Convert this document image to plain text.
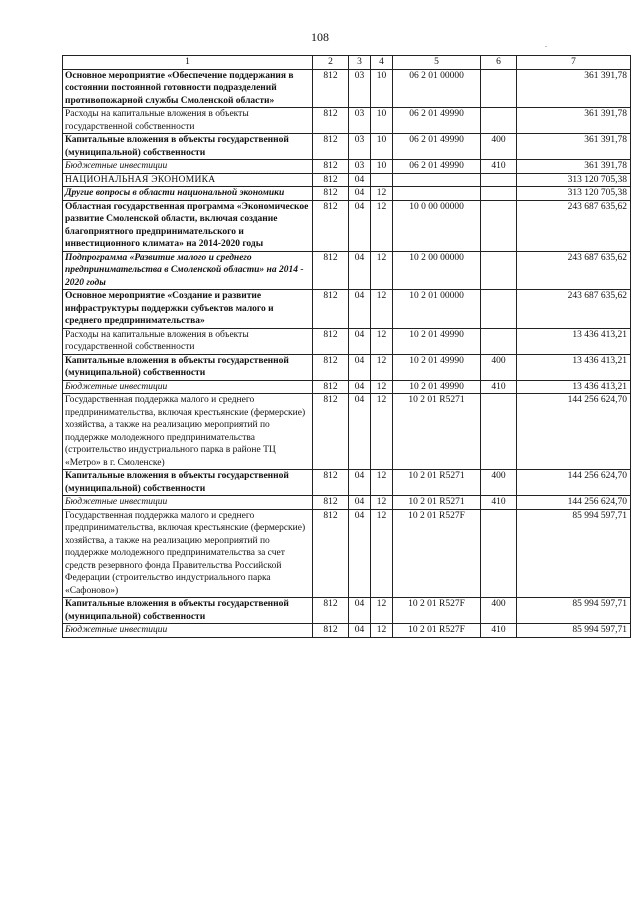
108
.
1	2	3	4	5	6	7
Основное мероприятие «Обеспечение поддержания в состоянии постоянной готовности подразделений противопожарной службы Смоленской области»	812	03	10	06 2 01 00000		361 391,78
Расходы на капитальные вложения в объекты государственной собственности	812	03	10	06 2 01 49990		361 391,78
Капитальные вложения в объекты государственной (муниципальной) собственности	812	03	10	06 2 01 49990	400	361 391,78
Бюджетные инвестиции	812	03	10	06 2 01 49990	410	361 391,78
НАЦИОНАЛЬНАЯ ЭКОНОМИКА	812	04				313 120 705,38
Другие вопросы в области национальной экономики	812	04	12			313 120 705,38
Областная государственная программа «Экономическое развитие Смоленской области, включая создание благоприятного предпринимательского и инвестиционного климата» на 2014-2020 годы	812	04	12	10 0 00 00000		243 687 635,62
Подпрограмма «Развитие малого и среднего предпринимательства в Смоленской области» на 2014 - 2020 годы	812	04	12	10 2 00 00000		243 687 635,62
Основное мероприятие «Создание и развитие инфраструктуры поддержки субъектов малого и среднего предпринимательства»	812	04	12	10 2 01 00000		243 687 635,62
Расходы на капитальные вложения в объекты государственной собственности	812	04	12	10 2 01 49990		13 436 413,21
Капитальные вложения в объекты государственной (муниципальной) собственности	812	04	12	10 2 01 49990	400	13 436 413,21
Бюджетные инвестиции	812	04	12	10 2 01 49990	410	13 436 413,21
Государственная поддержка малого и среднего предпринимательства, включая крестьянские (фермерские) хозяйства, а также на реализацию мероприятий по поддержке молодежного предпринимательства (строительство индустриального парка в районе ТЦ «Метро» в г. Смоленске)	812	04	12	10 2 01 R5271		144 256 624,70
Капитальные вложения в объекты государственной (муниципальной) собственности	812	04	12	10 2 01 R5271	400	144 256 624,70
Бюджетные инвестиции	812	04	12	10 2 01 R5271	410	144 256 624,70
Государственная поддержка малого и среднего предпринимательства, включая крестьянские (фермерские) хозяйства, а также на реализацию мероприятий по поддержке молодежного предпринимательства за счет средств резервного фонда Правительства Российской Федерации (строительство индустриального парка «Сафоново»)	812	04	12	10 2 01 R527F		85 994 597,71
Капитальные вложения в объекты государственной (муниципальной) собственности	812	04	12	10 2 01 R527F	400	85 994 597,71
Бюджетные инвестиции	812	04	12	10 2 01 R527F	410	85 994 597,71
